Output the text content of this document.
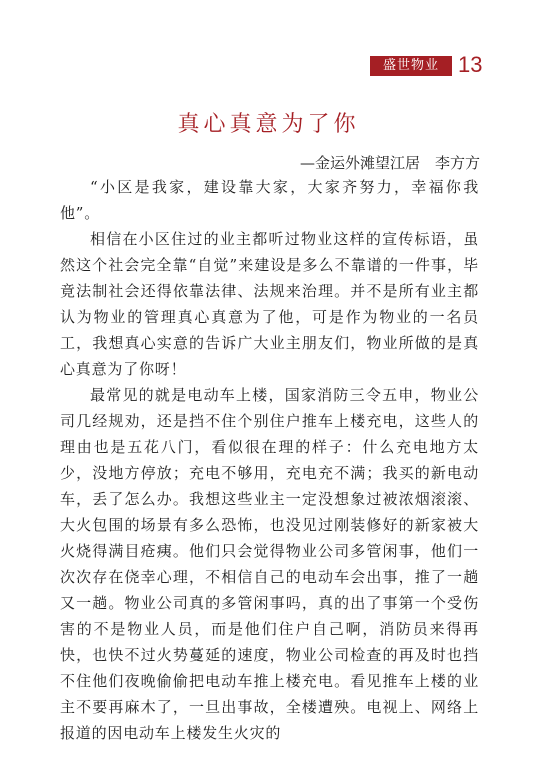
盛世物业 13
真心真意为了你
—金运外滩望江居　李方方

“小区是我家，建设靠大家，大家齐努力，幸福你我他”。

相信在小区住过的业主都听过物业这样的宣传标语，虽然这个社会完全靠“自觉”来建设是多么不靠谱的一件事，毕竟法制社会还得依靠法律、法规来治理。并不是所有业主都认为物业的管理真心真意为了他，可是作为物业的一名员工，我想真心实意的告诉广大业主朋友们，物业所做的是真心真意为了你呀！

最常见的就是电动车上楼，国家消防三令五申，物业公司几经规劝，还是挡不住个别住户推车上楼充电，这些人的理由也是五花八门，看似很在理的样子：什么充电地方太少，没地方停放；充电不够用，充电充不满；我买的新电动车，丢了怎么办。我想这些业主一定没想象过被浓烟滚滚、大火包围的场景有多么恐怖，也没见过刚装修好的新家被大火烧得满目疮痍。他们只会觉得物业公司多管闲事，他们一次次存在侥幸心理，不相信自己的电动车会出事，推了一趟又一趟。物业公司真的多管闲事吗，真的出了事第一个受伤害的不是物业人员，而是他们住户自己啊，消防员来得再快，也快不过火势蔓延的速度，物业公司检查的再及时也挡不住他们夜晚偷偷把电动车推上楼充电。看见推车上楼的业主不要再麻木了，一旦出事故，全楼遭殃。电视上、网络上报道的因电动车上楼发生火灾的
